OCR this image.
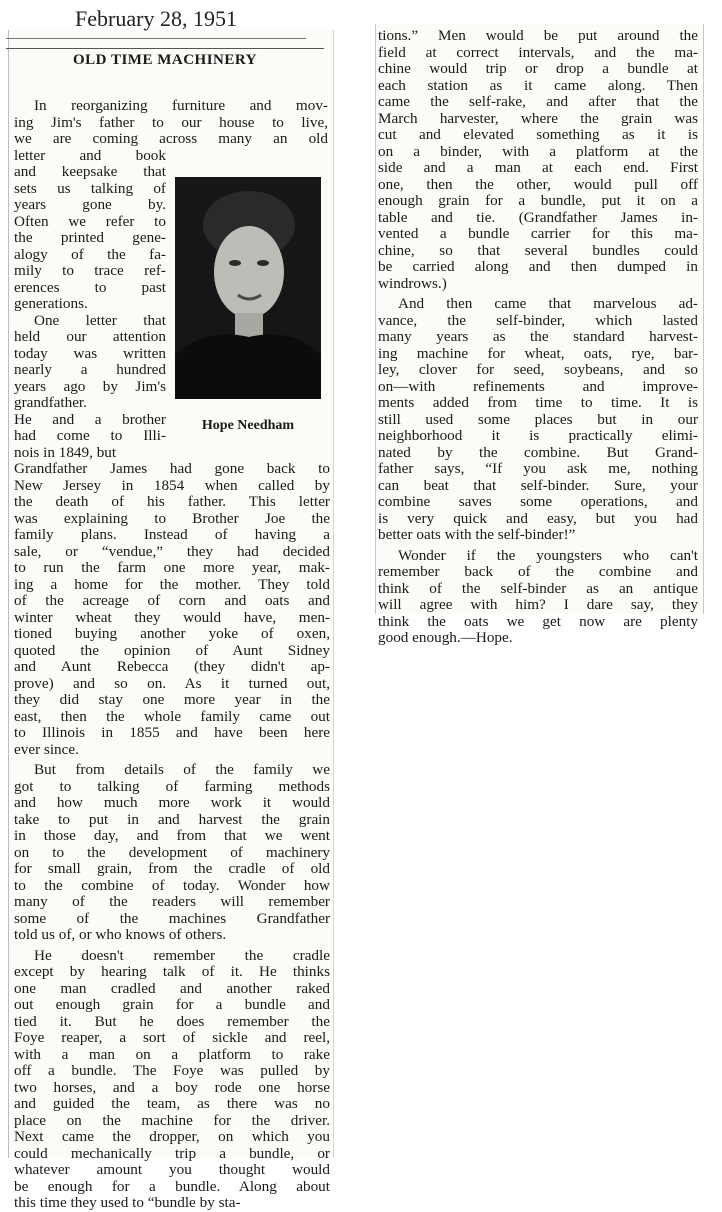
February 28, 1951
OLD TIME MACHINERY
In reorganizing furniture and mov-
ing Jim's father to our house to live,
we are coming across many an old
letter and book
and keepsake that
sets us talking of
years gone by.
Often we refer to
the printed gene-
alogy of the fa-
mily to trace ref-
erences to past
generations.
One letter that
held our attention
today was written
nearly a hundred
years ago by Jim's
grandfather.
He and a brother
had come to Illi-
nois in 1849, but
Hope Needham
Grandfather James had gone back to
New Jersey in 1854 when called by
the death of his father. This letter
was explaining to Brother Joe the
family plans. Instead of having a
sale, or “vendue,” they had decided
to run the farm one more year, mak-
ing a home for the mother. They told
of the acreage of corn and oats and
winter wheat they would have, men-
tioned buying another yoke of oxen,
quoted the opinion of Aunt Sidney
and Aunt Rebecca (they didn't ap-
prove) and so on. As it turned out,
they did stay one more year in the
east, then the whole family came out
to Illinois in 1855 and have been here
ever since.
But from details of the family we
got to talking of farming methods
and how much more work it would
take to put in and harvest the grain
in those day, and from that we went
on to the development of machinery
for small grain, from the cradle of old
to the combine of today. Wonder how
many of the readers will remember
some of the machines Grandfather
told us of, or who knows of others.
He doesn't remember the cradle
except by hearing talk of it. He thinks
one man cradled and another raked
out enough grain for a bundle and
tied it. But he does remember the
Foye reaper, a sort of sickle and reel,
with a man on a platform to rake
off a bundle. The Foye was pulled by
two horses, and a boy rode one horse
and guided the team, as there was no
place on the machine for the driver.
Next came the dropper, on which you
could mechanically trip a bundle, or
whatever amount you thought would
be enough for a bundle. Along about
this time they used to “bundle by sta-
tions.” Men would be put around the
field at correct intervals, and the ma-
chine would trip or drop a bundle at
each station as it came along. Then
came the self-rake, and after that the
March harvester, where the grain was
cut and elevated something as it is
on a binder, with a platform at the
side and a man at each end. First
one, then the other, would pull off
enough grain for a bundle, put it on a
table and tie. (Grandfather James in-
vented a bundle carrier for this ma-
chine, so that several bundles could
be carried along and then dumped in
windrows.)
And then came that marvelous ad-
vance, the self-binder, which lasted
many years as the standard harvest-
ing machine for wheat, oats, rye, bar-
ley, clover for seed, soybeans, and so
on—with refinements and improve-
ments added from time to time. It is
still used some places but in our
neighborhood it is practically elimi-
nated by the combine. But Grand-
father says, “If you ask me, nothing
can beat that self-binder. Sure, your
combine saves some operations, and
is very quick and easy, but you had
better oats with the self-binder!”
Wonder if the youngsters who can't
remember back of the combine and
think of the self-binder as an antique
will agree with him? I dare say, they
think the oats we get now are plenty
good enough.—Hope.
